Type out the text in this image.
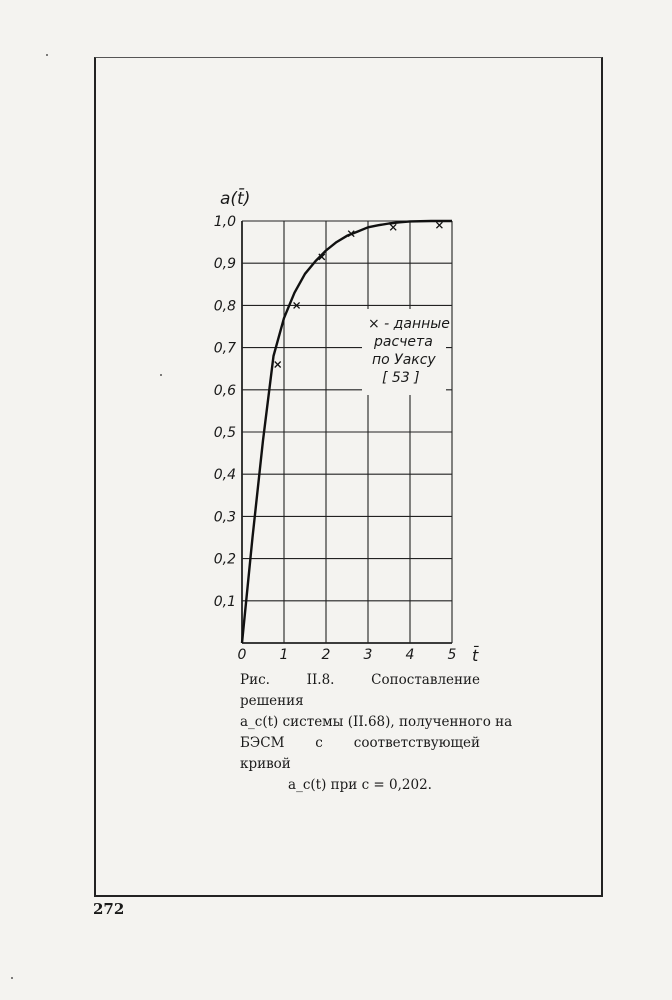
0 1 2 3 4 5
0,1
0,2
0,3
0,4
0,5
0,6
0,7
0,8
0,9
1,0
a(t̄)
t̄
× - данные
расчета
по Уаксу
[ 53 ]

Рис. II.8. Сопоставление решения

a_c(t) системы (II.68), полученного на

БЭСМ с соответствующей кривой

a_c(t) при c = 0,202.

272
